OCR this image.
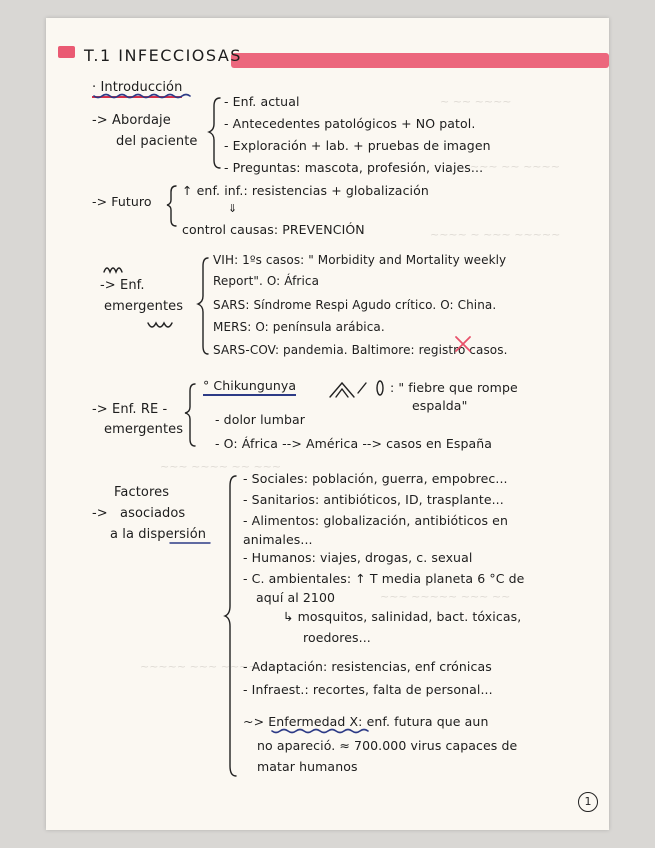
~ ~~ ~~~~
~~~ ~~ ~~~~
~~~~ ~ ~~~ ~~~~~
~~~ ~~~~ ~~ ~~~
~~~ ~~~~~ ~~~ ~~
~~~~~ ~~~ ~~~~ ~~
T.1 INFECCIOSAS
· Introducción
-> Abordaje
del paciente
- Enf. actual
- Antecedentes patológicos + NO patol.
- Exploración + lab. + pruebas de imagen
- Preguntas: mascota, profesión, viajes...
-> Futuro
↑ enf. inf.: resistencias + globalización
⇓
control causas: PREVENCIÓN
-> Enf.
emergentes
VIH: 1ºs casos: " Morbidity and Mortality weekly
Report". O: África
SARS: Síndrome Respi Agudo crítico. O: China.
MERS: O: península arábica.
SARS-COV: pandemia. Baltimore: registro casos.
-> Enf. RE -
emergentes
° Chikungunya	: " fiebre que rompe
espalda"
- dolor lumbar
- O: África --> América --> casos en España
->
Factores
asociados
a la dispersión
- Sociales: población, guerra, empobrec...
- Sanitarios: antibióticos, ID, trasplante...
- Alimentos: globalización, antibióticos en
animales...
- Humanos: viajes, drogas, c. sexual
- C. ambientales: ↑ T media planeta 6 °C de
aquí al 2100
↳ mosquitos, salinidad, bact. tóxicas,
roedores...
- Adaptación: resistencias, enf crónicas
- Infraest.: recortes, falta de personal...
~> Enfermedad X: enf. futura que aun
no apareció. ≈ 700.000 virus capaces de
matar humanos
1
